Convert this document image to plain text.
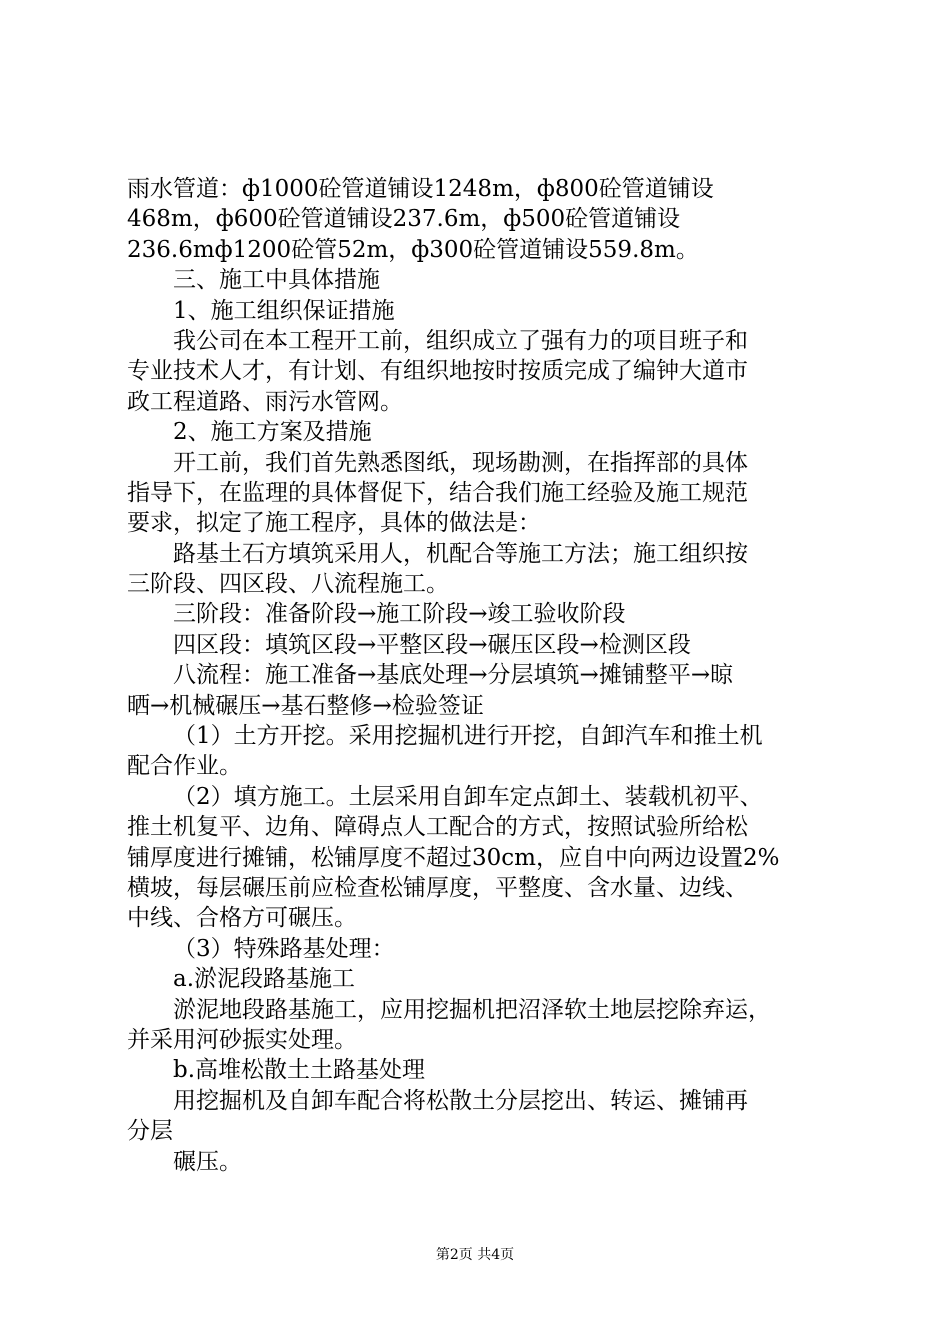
雨水管道：ф1000砼管道铺设1248m，ф800砼管道铺设
468m，ф600砼管道铺设237.6m，ф500砼管道铺设
236.6mф1200砼管52m，ф300砼管道铺设559.8m。
三、施工中具体措施
1、施工组织保证措施
我公司在本工程开工前，组织成立了强有力的项目班子和
专业技术人才，有计划、有组织地按时按质完成了编钟大道市
政工程道路、雨污水管网。
2、施工方案及措施
开工前，我们首先熟悉图纸，现场勘测，在指挥部的具体
指导下，在监理的具体督促下，结合我们施工经验及施工规范
要求，拟定了施工程序，具体的做法是：
路基土石方填筑采用人，机配合等施工方法；施工组织按
三阶段、四区段、八流程施工。
三阶段：准备阶段→施工阶段→竣工验收阶段
四区段：填筑区段→平整区段→碾压区段→检测区段
八流程：施工准备→基底处理→分层填筑→摊铺整平→晾
晒→机械碾压→基石整修→检验签证
（1）土方开挖。采用挖掘机进行开挖，自卸汽车和推土机
配合作业。
（2）填方施工。土层采用自卸车定点卸土、装载机初平、
推土机复平、边角、障碍点人工配合的方式，按照试验所给松
铺厚度进行摊铺，松铺厚度不超过30cm，应自中向两边设置2%
横坡，每层碾压前应检查松铺厚度，平整度、含水量、边线、
中线、合格方可碾压。
（3）特殊路基处理：
a.淤泥段路基施工
淤泥地段路基施工，应用挖掘机把沼泽软土地层挖除弃运，
并采用河砂振实处理。
b.高堆松散土土路基处理
用挖掘机及自卸车配合将松散土分层挖出、转运、摊铺再
分层
碾压。
第2页 共4页
